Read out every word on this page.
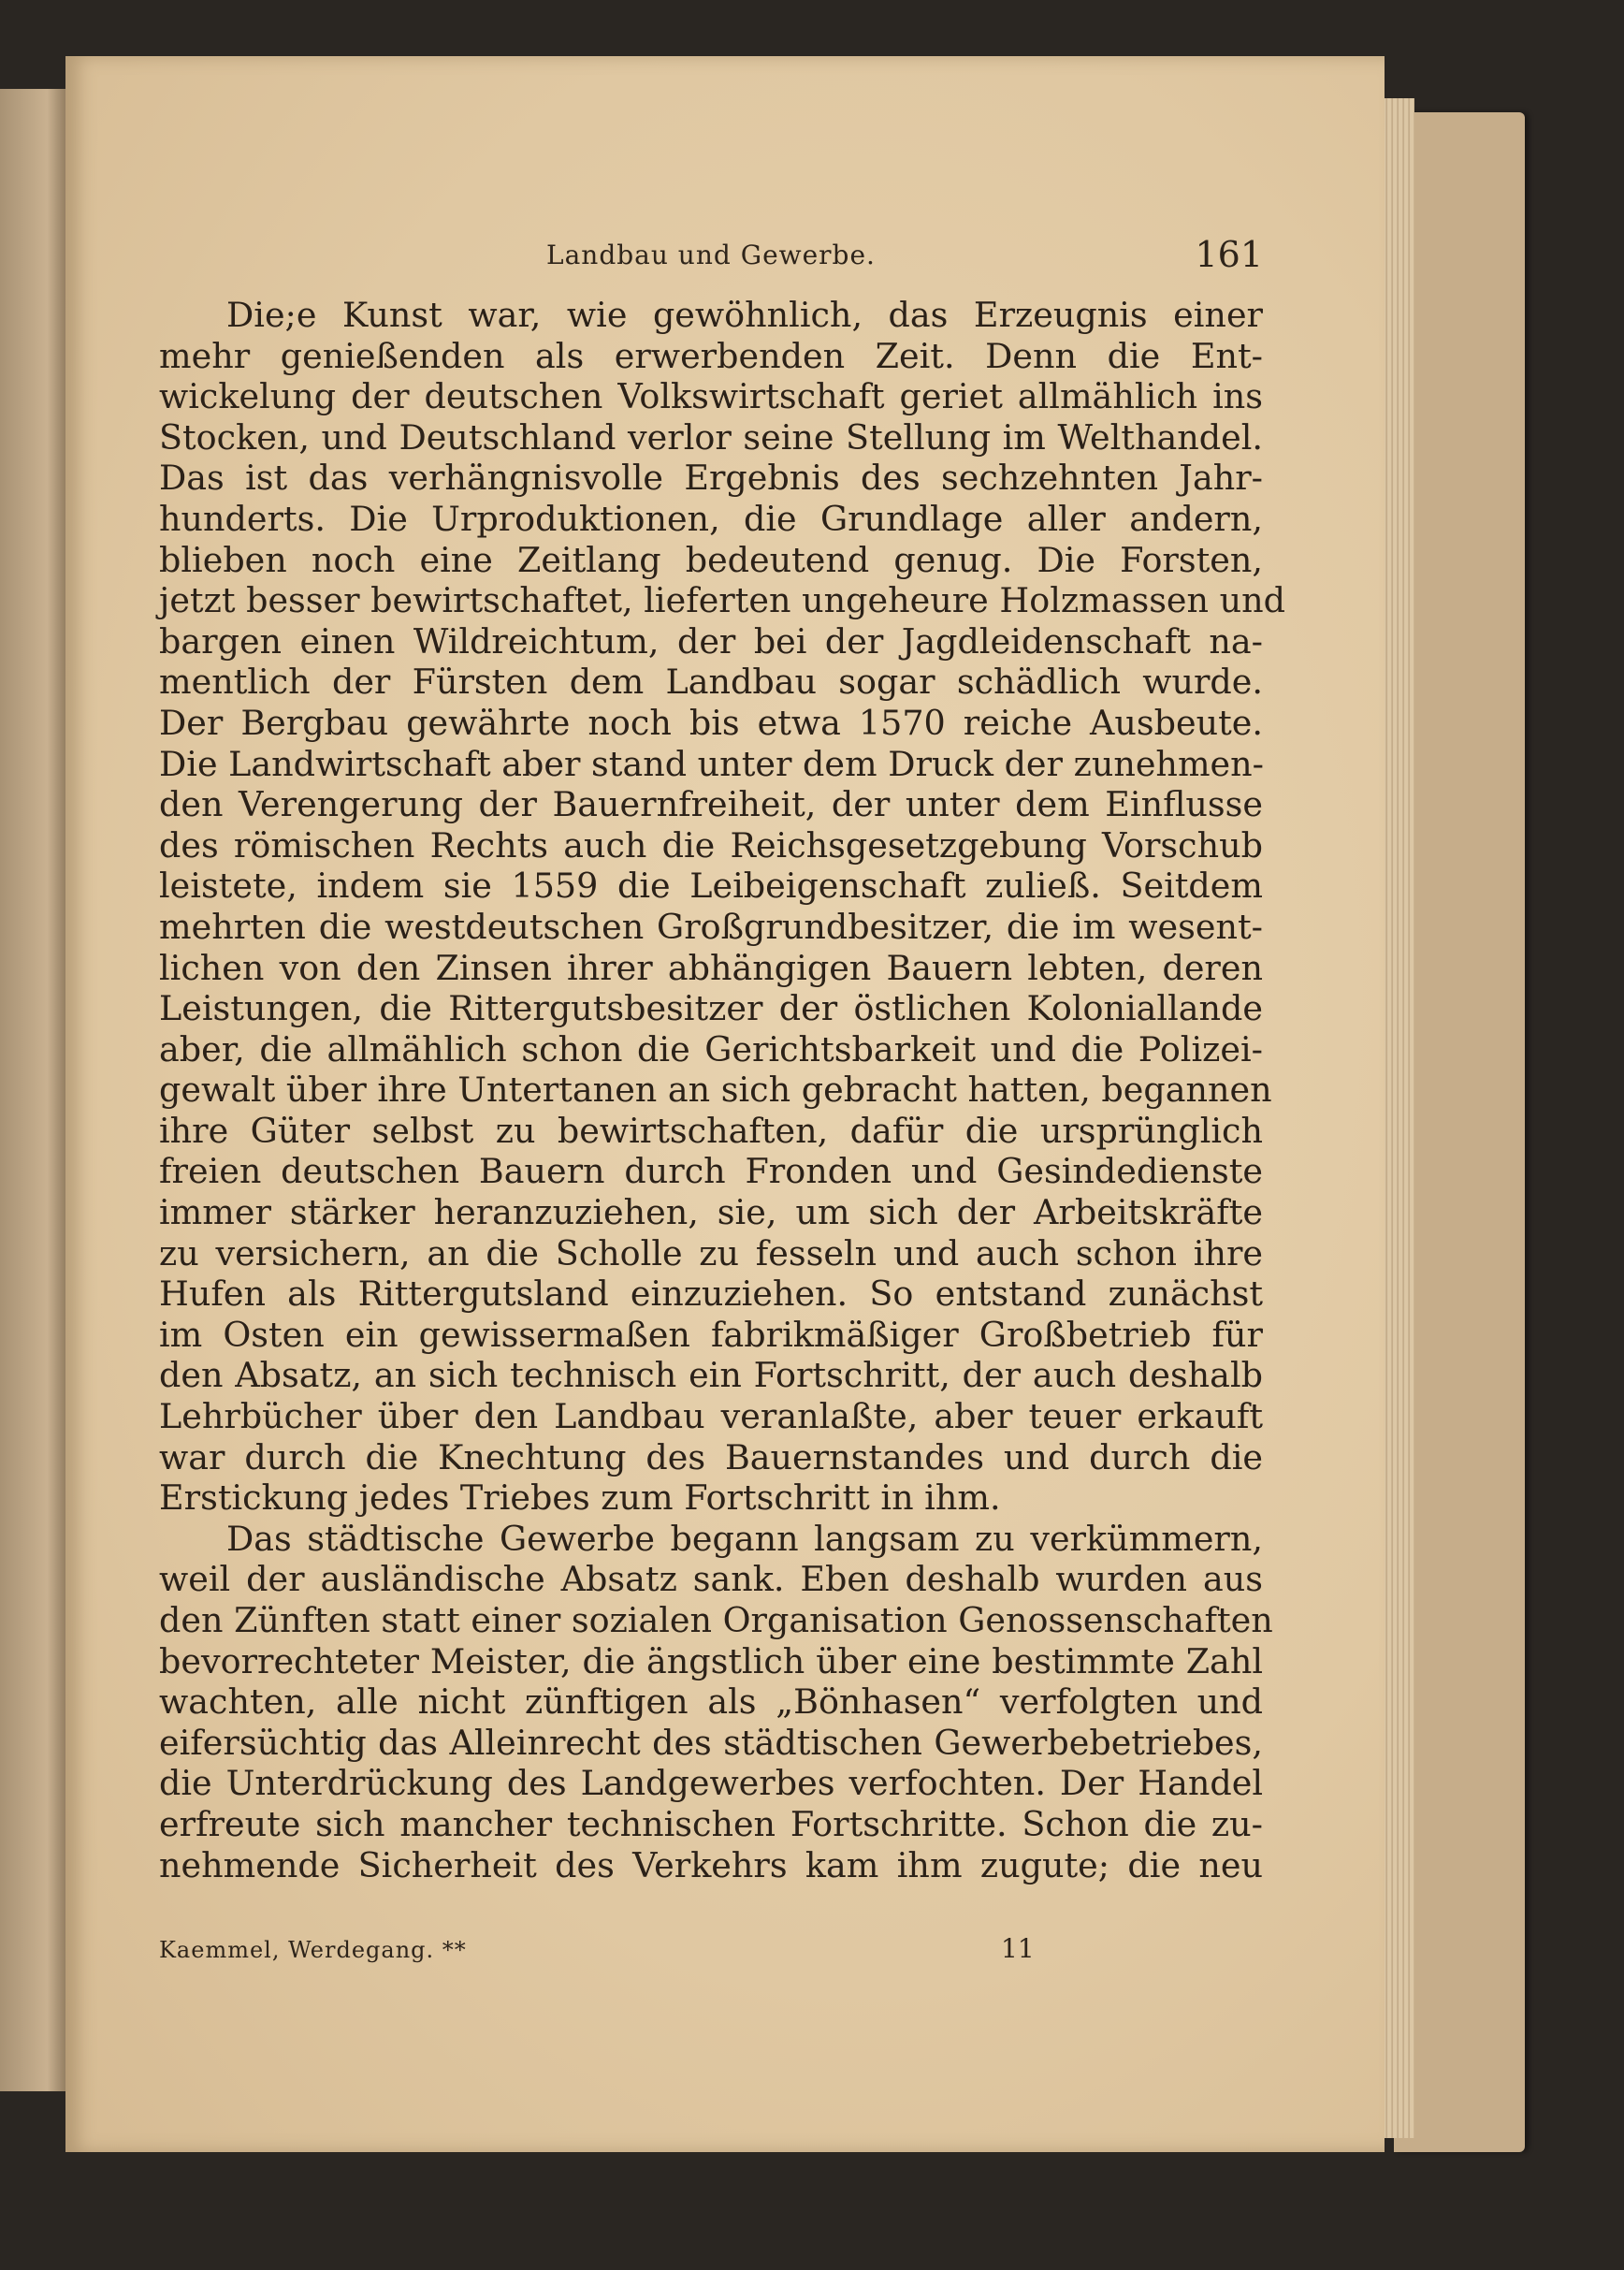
Landbau und Gewerbe.	161
Die;e Kunst war, wie gewöhnlich, das Erzeugnis einer
mehr genießenden als erwerbenden Zeit. Denn die Ent-
wickelung der deutschen Volkswirtschaft geriet allmählich ins
Stocken, und Deutschland verlor seine Stellung im Welthandel.
Das ist das verhängnisvolle Ergebnis des sechzehnten Jahr-
hunderts. Die Urproduktionen, die Grundlage aller andern,
blieben noch eine Zeitlang bedeutend genug. Die Forsten,
jetzt besser bewirtschaftet, lieferten ungeheure Holzmassen und
bargen einen Wildreichtum, der bei der Jagdleidenschaft na-
mentlich der Fürsten dem Landbau sogar schädlich wurde.
Der Bergbau gewährte noch bis etwa 1570 reiche Ausbeute.
Die Landwirtschaft aber stand unter dem Druck der zunehmen-
den Verengerung der Bauernfreiheit, der unter dem Einflusse
des römischen Rechts auch die Reichsgesetzgebung Vorschub
leistete, indem sie 1559 die Leibeigenschaft zuließ. Seitdem
mehrten die westdeutschen Großgrundbesitzer, die im wesent-
lichen von den Zinsen ihrer abhängigen Bauern lebten, deren
Leistungen, die Rittergutsbesitzer der östlichen Koloniallande
aber, die allmählich schon die Gerichtsbarkeit und die Polizei-
gewalt über ihre Untertanen an sich gebracht hatten, begannen
ihre Güter selbst zu bewirtschaften, dafür die ursprünglich
freien deutschen Bauern durch Fronden und Gesindedienste
immer stärker heranzuziehen, sie, um sich der Arbeitskräfte
zu versichern, an die Scholle zu fesseln und auch schon ihre
Hufen als Rittergutsland einzuziehen. So entstand zunächst
im Osten ein gewissermaßen fabrikmäßiger Großbetrieb für
den Absatz, an sich technisch ein Fortschritt, der auch deshalb
Lehrbücher über den Landbau veranlaßte, aber teuer erkauft
war durch die Knechtung des Bauernstandes und durch die
Erstickung jedes Triebes zum Fortschritt in ihm.
Das städtische Gewerbe begann langsam zu verkümmern,
weil der ausländische Absatz sank. Eben deshalb wurden aus
den Zünften statt einer sozialen Organisation Genossenschaften
bevorrechteter Meister, die ängstlich über eine bestimmte Zahl
wachten, alle nicht zünftigen als „Bönhasen“ verfolgten und
eifersüchtig das Alleinrecht des städtischen Gewerbebetriebes,
die Unterdrückung des Landgewerbes verfochten. Der Handel
erfreute sich mancher technischen Fortschritte. Schon die zu-
nehmende Sicherheit des Verkehrs kam ihm zugute; die neu
Kaemmel, Werdegang. **	11
